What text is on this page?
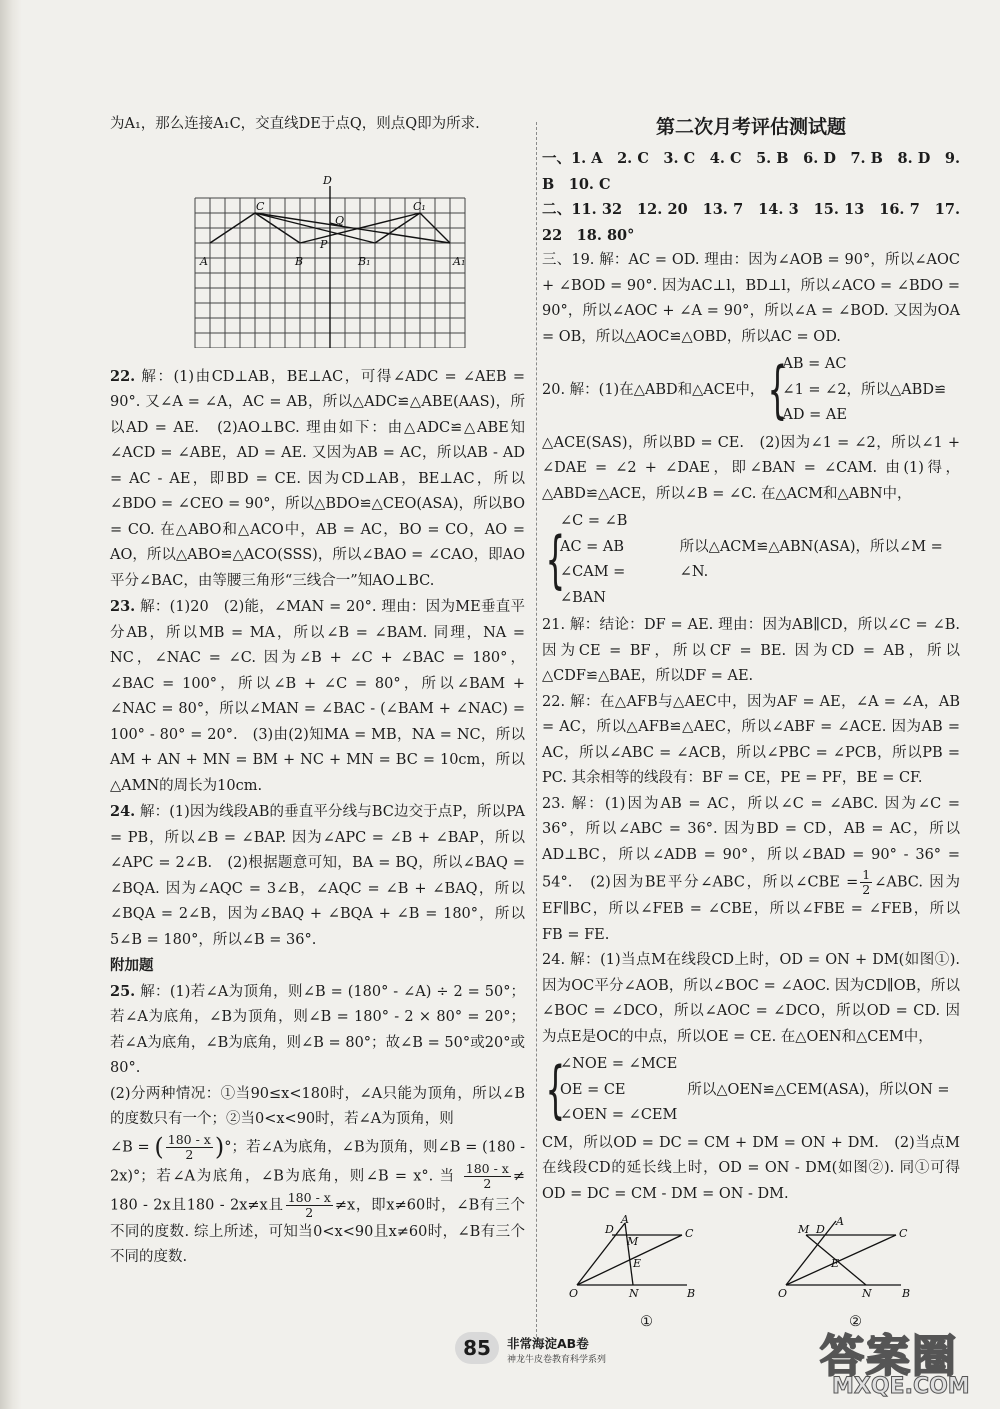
为A₁，那么连接A₁C，交直线DE于点Q，则点Q即为所求.

D
C	C₁
Q
P
A	B	B₁	A₁

22. 解：(1)由CD⊥AB，BE⊥AC，可得∠ADC = ∠AEB = 90°. 又∠A = ∠A，AC = AB，所以△ADC≌△ABE(AAS)，所以AD = AE.　(2)AO⊥BC. 理由如下：由△ADC≌△ABE知∠ACD = ∠ABE，AD = AE. 又因为AB = AC，所以AB - AD = AC - AE，即BD = CE. 因为CD⊥AB，BE⊥AC，所以∠BDO = ∠CEO = 90°，所以△BDO≌△CEO(ASA)，所以BO = CO. 在△ABO和△ACO中，AB = AC，BO = CO，AO = AO，所以△ABO≌△ACO(SSS)，所以∠BAO = ∠CAO，即AO平分∠BAC，由等腰三角形“三线合一”知AO⊥BC.

23. 解：(1)20　(2)能，∠MAN = 20°. 理由：因为ME垂直平分AB，所以MB = MA，所以∠B = ∠BAM. 同理，NA = NC，∠NAC = ∠C. 因为∠B + ∠C + ∠BAC = 180°，∠BAC = 100°，所以∠B + ∠C = 80°，所以∠BAM + ∠NAC = 80°，所以∠MAN = ∠BAC - (∠BAM + ∠NAC) = 100° - 80° = 20°.　(3)由(2)知MA = MB，NA = NC，所以AM + AN + MN = BM + NC + MN = BC = 10cm，所以△AMN的周长为10cm.

24. 解：(1)因为线段AB的垂直平分线与BC边交于点P，所以PA = PB，所以∠B = ∠BAP. 因为∠APC = ∠B + ∠BAP，所以∠APC = 2∠B.　(2)根据题意可知，BA = BQ，所以∠BAQ = ∠BQA. 因为∠AQC = 3∠B，∠AQC = ∠B + ∠BAQ，所以∠BQA = 2∠B，因为∠BAQ + ∠BQA + ∠B = 180°，所以5∠B = 180°，所以∠B = 36°.

附加题

25. 解：(1)若∠A为顶角，则∠B = (180° - ∠A) ÷ 2 = 50°；若∠A为底角，∠B为顶角，则∠B = 180° - 2 × 80° = 20°；若∠A为底角，∠B为底角，则∠B = 80°；故∠B = 50°或20°或80°.

(2)分两种情况：①当90≤x<180时，∠A只能为顶角，所以∠B的度数只有一个；②当0<x<90时，若∠A为顶角，则

∠B = ( $\frac{180 - x}{2}$ )°；若∠A为底角，∠B为顶角，则∠B = (180 - 2x)°；若∠A为底角，∠B为底角，则∠B = x°. 当 $\frac{180 - x}{2} \ne 180 - 2x$且180 - 2x≠x且 $\frac{180 - x}{2} \ne x$，即x≠60时，∠B有三个不同的度数. 综上所述，可知当0<x<90且x≠60时，∠B有三个不同的度数.

第二次月考评估测试题

一、1. A　2. C　3. C　4. C　5. B　6. D　7. B　8. D　9. B　10. C

二、11. 32　12. 20　13. 7　14. 3　15. 13　16. 7　17. 22　18. 80°

三、19. 解：AC = OD. 理由：因为∠AOB = 90°，所以∠AOC + ∠BOD = 90°. 因为AC⊥l，BD⊥l，所以∠ACO = ∠BDO = 90°，所以∠AOC + ∠A = 90°，所以∠A = ∠BOD. 又因为OA = OB，所以△AOC≌△OBD，所以AC = OD.

20. 解：(1)在△ABD和△ACE中， {
AB = AC
∠1 = ∠2，所以△ABD≌
AD = AE

△ACE(SAS)，所以BD = CE.　(2)因为∠1 = ∠2，所以∠1 + ∠DAE = ∠2 + ∠DAE，即∠BAN = ∠CAM. 由(1)得，△ABD≌△ACE，所以∠B = ∠C. 在△ACM和△ABN中，

{
∠C = ∠B
AC = AB
∠CAM = ∠BAN
所以△ACM≌△ABN(ASA)，所以∠M = ∠N.

21. 解：结论：DF = AE. 理由：因为AB∥CD，所以∠C = ∠B. 因为CE = BF，所以CF = BE. 因为CD = AB，所以△CDF≌△BAE，所以DF = AE.

22. 解：在△AFB与△AEC中，因为AF = AE，∠A = ∠A，AB = AC，所以△AFB≌△AEC，所以∠ABF = ∠ACE. 因为AB = AC，所以∠ABC = ∠ACB，所以∠PBC = ∠PCB，所以PB = PC. 其余相等的线段有：BF = CE，PE = PF，BE = CF.

23. 解：(1)因为AB = AC，所以∠C = ∠ABC. 因为∠C = 36°，所以∠ABC = 36°. 因为BD = CD，AB = AC，所以AD⊥BC，所以∠ADB = 90°，所以∠BAD = 90° - 36° = 54°.　(2)因为BE平分∠ABC，所以∠CBE = $\frac{1}{2}$ ∠ABC. 因为EF∥BC，所以∠FEB = ∠CBE，所以∠FBE = ∠FEB，所以FB = FE.

24. 解：(1)当点M在线段CD上时，OD = ON + DM(如图①). 因为OC平分∠AOB，所以∠BOC = ∠AOC. 因为CD∥OB，所以∠BOC = ∠DCO，所以∠AOC = ∠DCO，所以OD = CD. 因为点E是OC的中点，所以OE = CE. 在△OEN和△CEM中，

{
∠NOE = ∠MCE
OE = CE
∠OEN = ∠CEM
所以△OEN≌△CEM(ASA)，所以ON =

CM，所以OD = DC = CM + DM = ON + DM.　(2)当点M在线段CD的延长线上时，OD = ON - DM(如图②). 同①可得OD = DC = CM - DM = ON - DM.

A
D	C
M
E
O	N	B
①
M D
A
C
E
O	N	B
②
85	非常海淀AB卷
神龙牛皮卷教育科学系列	答案圈
MXQE.COM
